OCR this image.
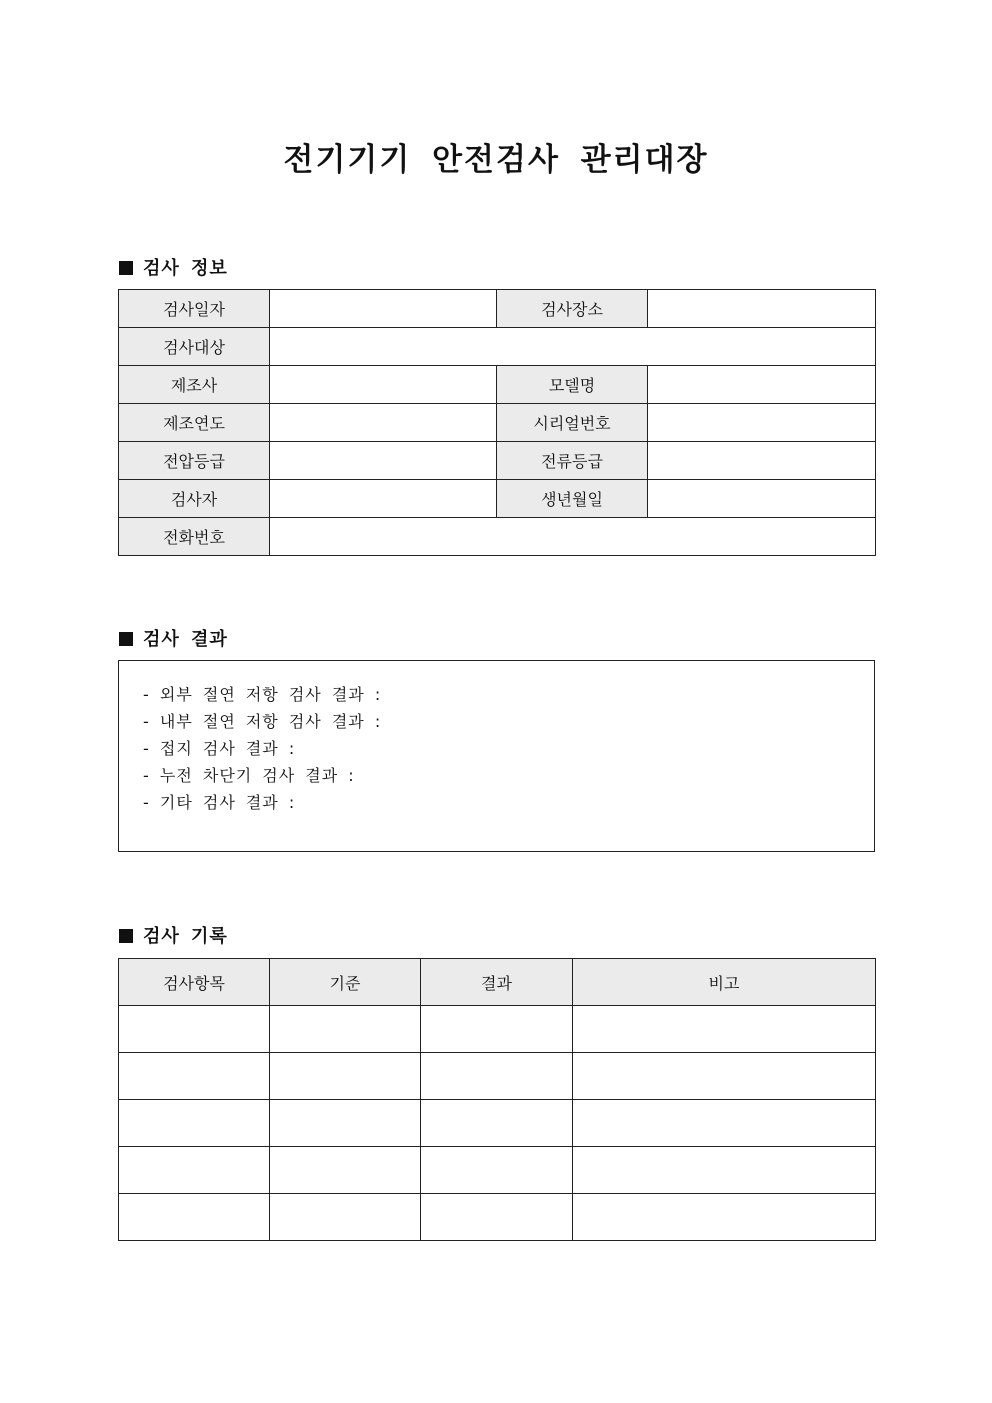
전기기기 안전검사 관리대장
검사 정보
검사일자		검사장소	
검사대상			
제조사		모델명	
제조연도		시리얼번호	
전압등급		전류등급	
검사자		생년월일	
전화번호			
검사 결과
- 외부 절연 저항 검사 결과 :
- 내부 절연 저항 검사 결과 :
- 접지 검사 결과 :
- 누전 차단기 검사 결과 :
- 기타 검사 결과 :
검사 기록
검사항목	기준	결과	비고
